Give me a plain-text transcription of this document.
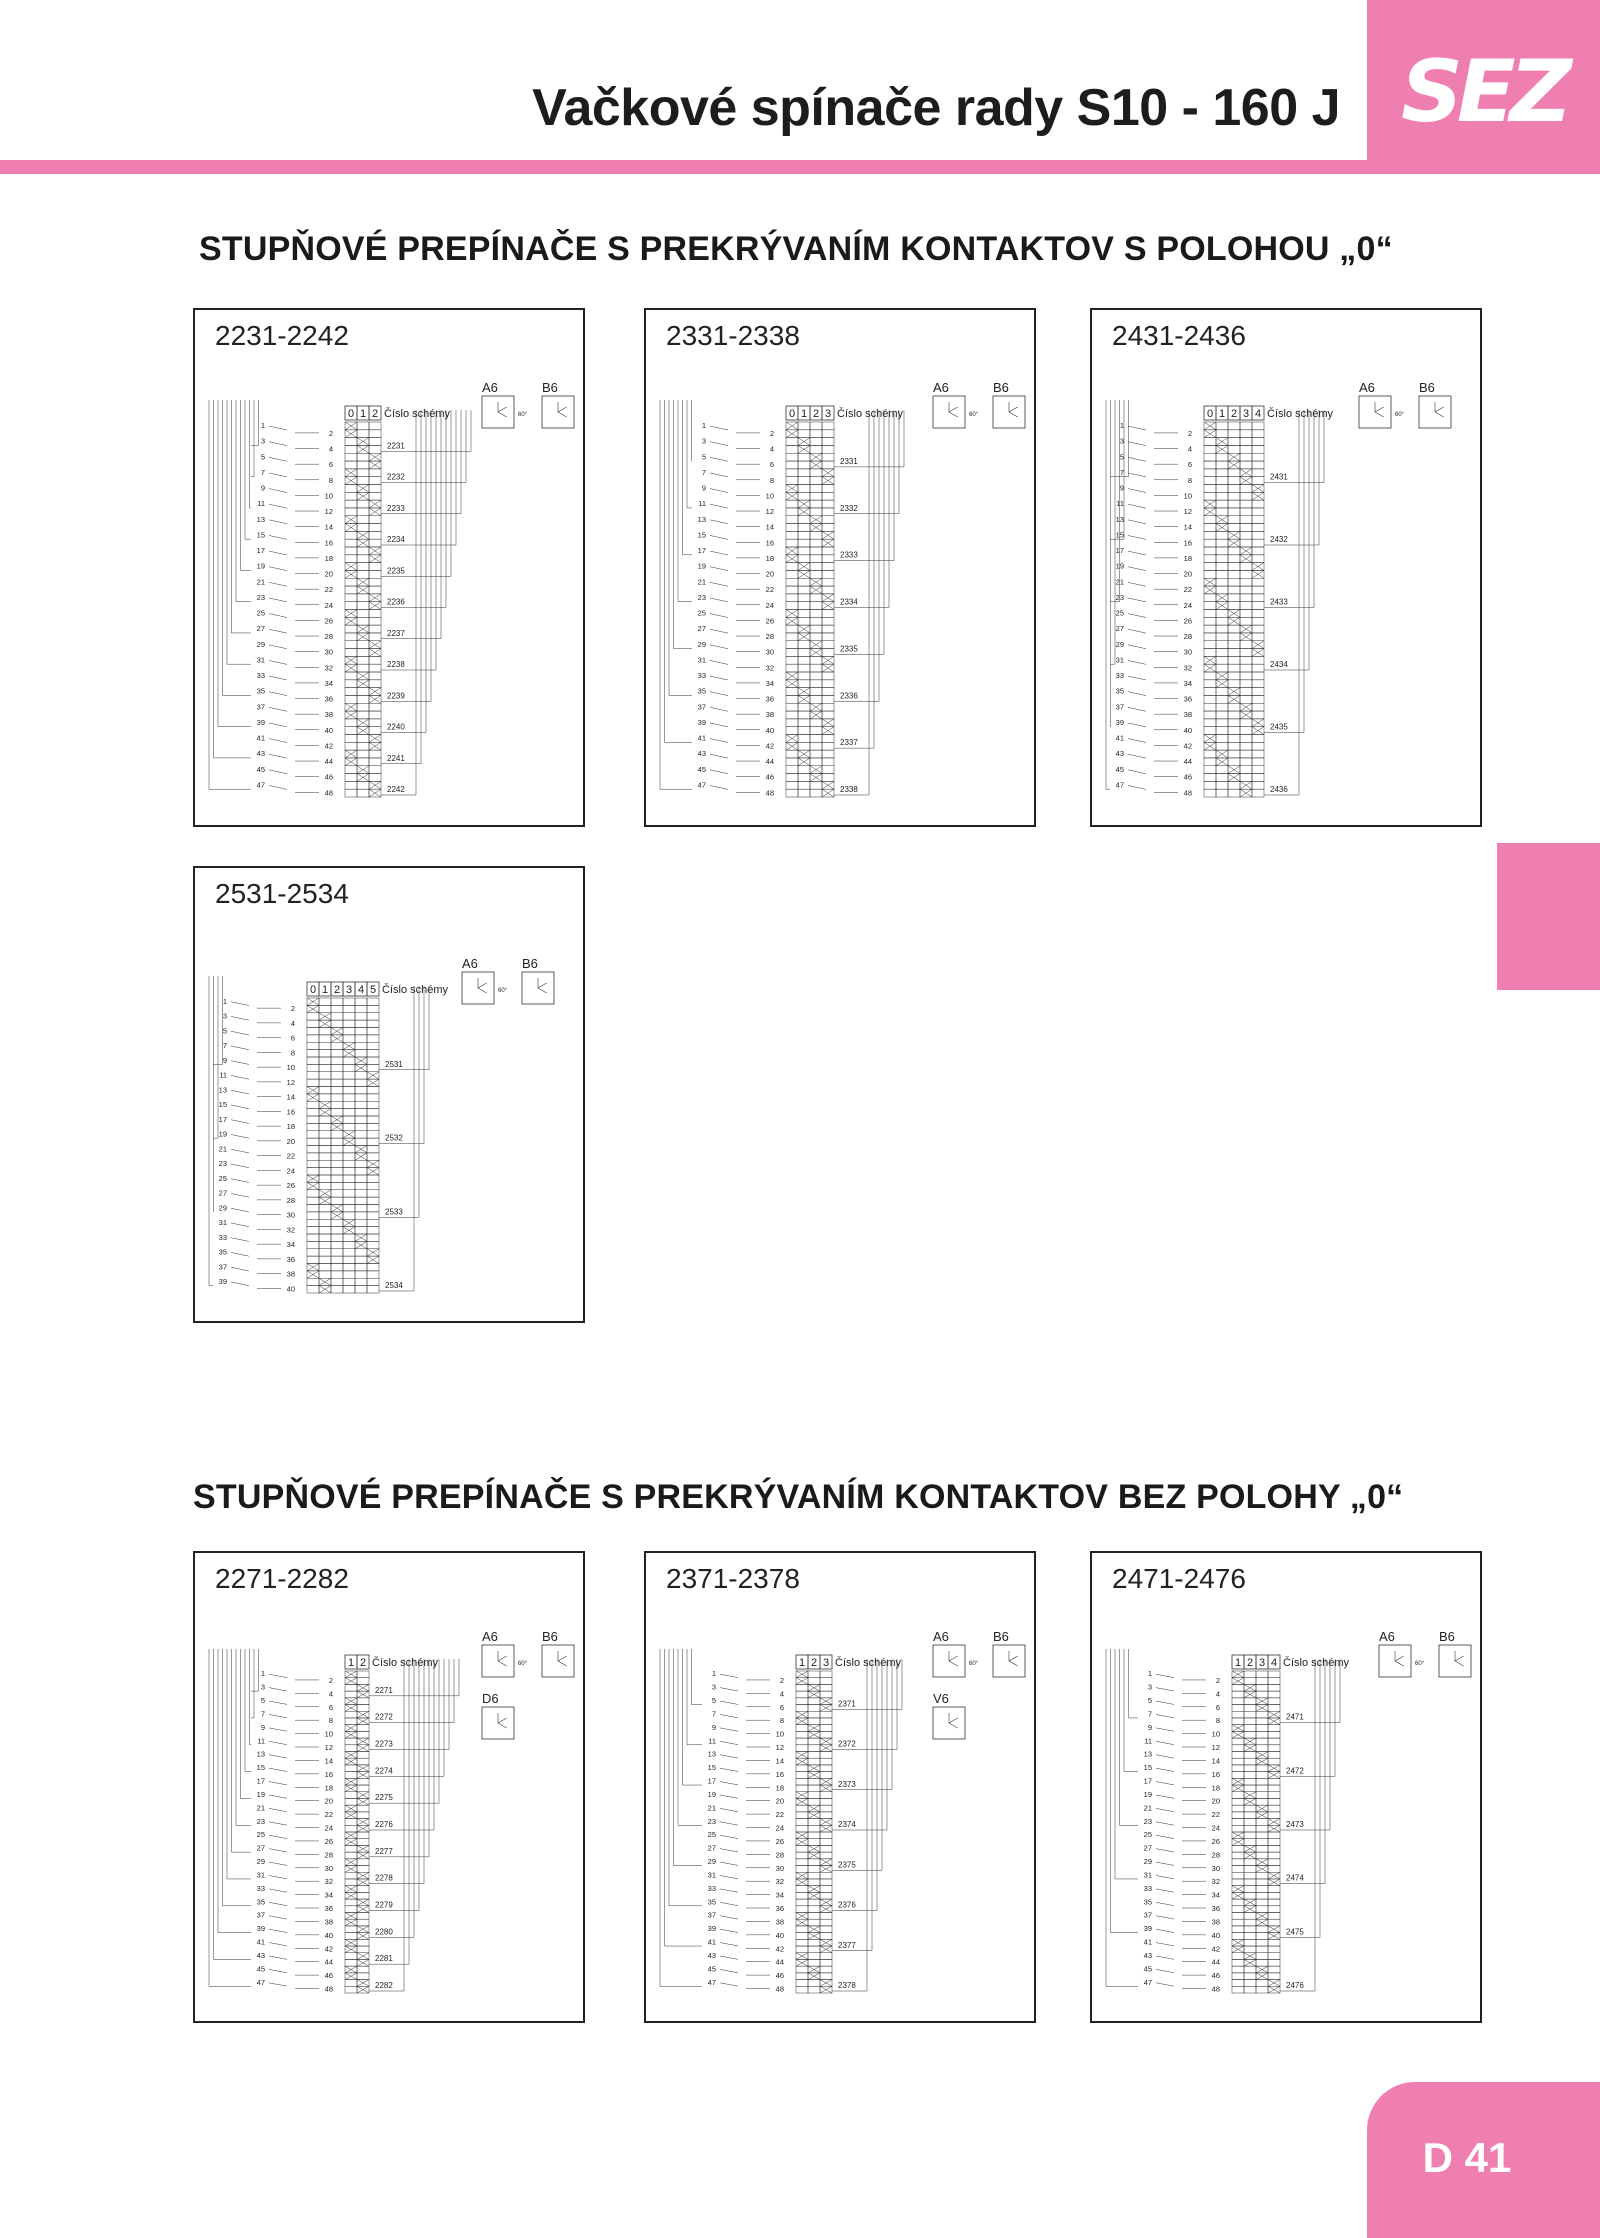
SEZ
Vačkové spínače rady S10 - 160 J
D 41
STUPŇOVÉ PREPÍNAČE S PREKRÝVANÍM KONTAKTOV S POLOHOU „0“
STUPŇOVÉ PREPÍNAČE S PREKRÝVANÍM KONTAKTOV BEZ POLOHY „0“
2231-2242
0 1 2 Číslo schémy
1
2
3
4
5
6
7
8
9
10
11
12
13
14
15
16
17
18
19
20
21
22
23
24
25
26
27
28
29
30
31
32
33
34
35
36
37
38
39
40
41
42
43
44
45
46
47
48
2231
2232
2233
2234
2235
2236
2237
2238
2239
2240
2241
2242
A6
60°
B6
2331-2338
0 1 2 3 Číslo schémy
1
2
3
4
5
6
7
8
9
10
11
12
13
14
15
16
17
18
19
20
21
22
23
24
25
26
27
28
29
30
31
32
33
34
35
36
37
38
39
40
41
42
43
44
45
46
47
48
2331
2332
2333
2334
2335
2336
2337
2338
A6
60°
B6
2431-2436
0 1 2 3 4 Číslo schémy
1
2
3
4
5
6
7
8
9
10
11
12
13
14
15
16
17
18
19
20
21
22
23
24
25
26
27
28
29
30
31
32
33
34
35
36
37
38
39
40
41
42
43
44
45
46
47
48
2431
2432
2433
2434
2435
2436
A6
60°
B6
2531-2534
0 1 2 3 4 5 Číslo schémy
1
2
3
4
5
6
7
8
9
10
11
12
13
14
15
16
17
18
19
20
21
22
23
24
25
26
27
28
29
30
31
32
33
34
35
36
37
38
39
40
2531
2532
2533
2534
A6
60°
B6
2271-2282
1 2 Číslo schémy
1
2
3
4
5
6
7
8
9
10
11
12
13
14
15
16
17
18
19
20
21
22
23
24
25
26
27
28
29
30
31
32
33
34
35
36
37
38
39
40
41
42
43
44
45
46
47
48
2271
2272
2273
2274
2275
2276
2277
2278
2279
2280
2281
2282
A6
60°
B6
D6
2371-2378
1 2 3 Číslo schémy
1
2
3
4
5
6
7
8
9
10
11
12
13
14
15
16
17
18
19
20
21
22
23
24
25
26
27
28
29
30
31
32
33
34
35
36
37
38
39
40
41
42
43
44
45
46
47
48
2371
2372
2373
2374
2375
2376
2377
2378
A6
60°
B6
V6
2471-2476
1 2 3 4 Číslo schémy
1
2
3
4
5
6
7
8
9
10
11
12
13
14
15
16
17
18
19
20
21
22
23
24
25
26
27
28
29
30
31
32
33
34
35
36
37
38
39
40
41
42
43
44
45
46
47
48
2471
2472
2473
2474
2475
2476
A6
60°
B6
